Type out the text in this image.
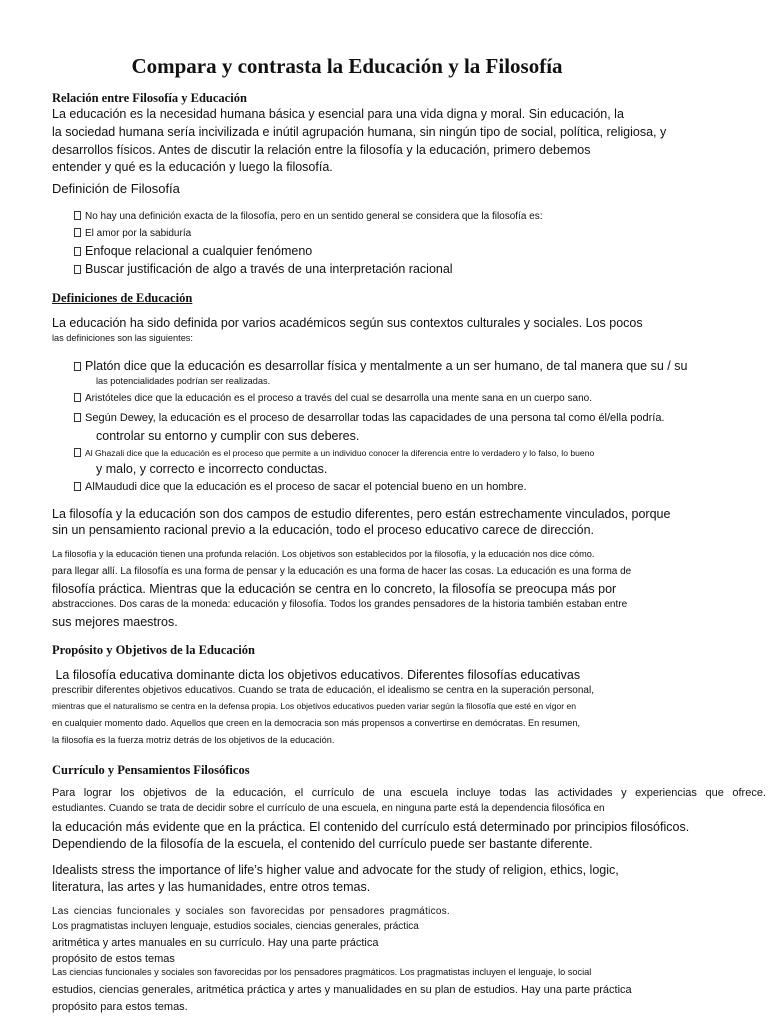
Compara y contrasta la Educación y la Filosofía
Relación entre Filosofía y Educación
La educación es la necesidad humana básica y esencial para una vida digna y moral. Sin educación, la
la sociedad humana sería incivilizada e inútil agrupación humana, sin ningún tipo de social, política, religiosa, y
desarrollos físicos. Antes de discutir la relación entre la filosofía y la educación, primero debemos
entender y qué es la educación y luego la filosofía.
Definición de Filosofía
No hay una definición exacta de la filosofía, pero en un sentido general se considera que la filosofía es:
El amor por la sabiduría
Enfoque relacional a cualquier fenómeno
Buscar justificación de algo a través de una interpretación racional
Definiciones de Educación
La educación ha sido definida por varios académicos según sus contextos culturales y sociales. Los pocos
las definiciones son las siguientes:
Platón dice que la educación es desarrollar física y mentalmente a un ser humano, de tal manera que su / su
las potencialidades podrían ser realizadas.
Aristóteles dice que la educación es el proceso a través del cual se desarrolla una mente sana en un cuerpo sano.
Según Dewey, la educación es el proceso de desarrollar todas las capacidades de una persona tal como él/ella podría.
controlar su entorno y cumplir con sus deberes.
Al Ghazali dice que la educación es el proceso que permite a un individuo conocer la diferencia entre lo verdadero y lo falso, lo bueno
y malo, y correcto e incorrecto conductas.
AlMaududi dice que la educación es el proceso de sacar el potencial bueno en un hombre.
La filosofía y la educación son dos campos de estudio diferentes, pero están estrechamente vinculados, porque
sin un pensamiento racional previo a la educación, todo el proceso educativo carece de dirección.
La filosofía y la educación tienen una profunda relación. Los objetivos son establecidos por la filosofía, y la educación nos dice cómo.
para llegar allí. La filosofía es una forma de pensar y la educación es una forma de hacer las cosas. La educación es una forma de
filosofía práctica. Mientras que la educación se centra en lo concreto, la filosofía se preocupa más por
abstracciones. Dos caras de la moneda: educación y filosofía. Todos los grandes pensadores de la historia también estaban entre
sus mejores maestros.
Propósito y Objetivos de la Educación
La filosofía educativa dominante dicta los objetivos educativos. Diferentes filosofías educativas
prescribir diferentes objetivos educativos. Cuando se trata de educación, el idealismo se centra en la superación personal,
mientras que el naturalismo se centra en la defensa propia. Los objetivos educativos pueden variar según la filosofía que esté en vigor en
en cualquier momento dado. Aquellos que creen en la democracia son más propensos a convertirse en demócratas. En resumen,
la filosofía es la fuerza motriz detrás de los objetivos de la educación.
Currículo y Pensamientos Filosóficos
Para lograr los objetivos de la educación, el currículo de una escuela incluye todas las actividades y experiencias que ofrece.
estudiantes. Cuando se trata de decidir sobre el currículo de una escuela, en ninguna parte está la dependencia filosófica en
la educación más evidente que en la práctica. El contenido del currículo está determinado por principios filosóficos.
Dependiendo de la filosofía de la escuela, el contenido del currículo puede ser bastante diferente.
Idealists stress the importance of life’s higher value and advocate for the study of religion, ethics, logic,
literatura, las artes y las humanidades, entre otros temas.
Las ciencias funcionales y sociales son favorecidas por pensadores pragmáticos.
Los pragmatistas incluyen lenguaje, estudios sociales, ciencias generales, práctica
aritmética y artes manuales en su currículo. Hay una parte práctica
propósito de estos temas
Las ciencias funcionales y sociales son favorecidas por los pensadores pragmáticos. Los pragmatistas incluyen el lenguaje, lo social
estudios, ciencias generales, aritmética práctica y artes y manualidades en su plan de estudios. Hay una parte práctica
propósito para estos temas.
